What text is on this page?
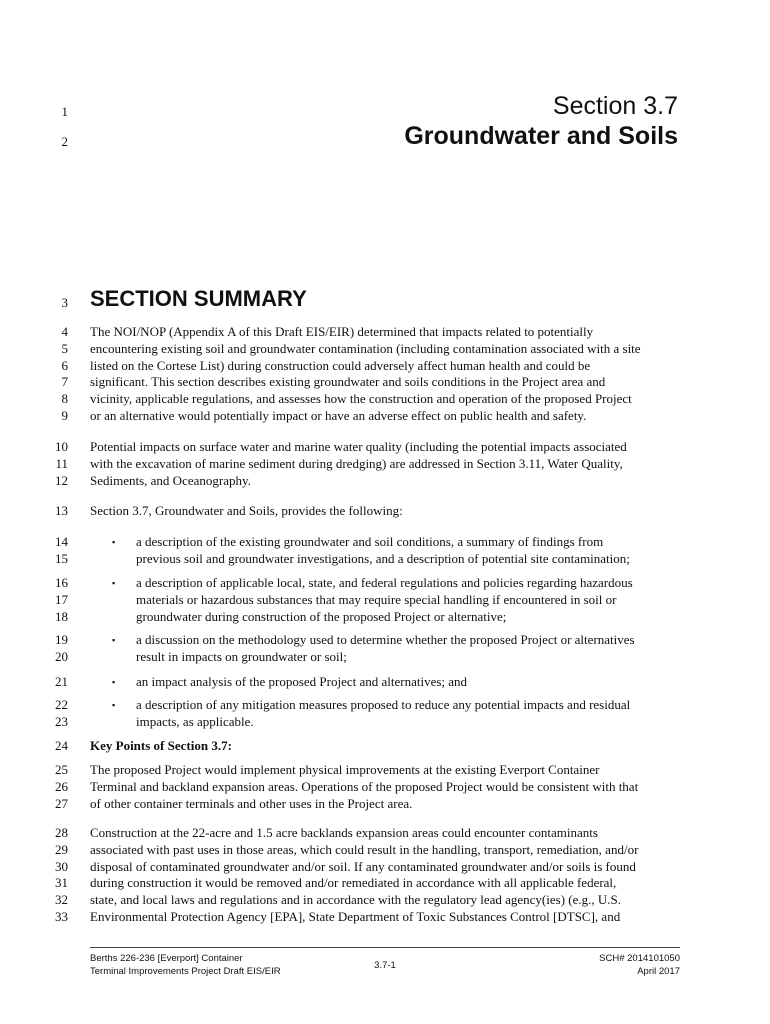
Section 3.7
Groundwater and Soils
1
2
3 SECTION SUMMARY
4
5
6
7
8
9
The NOI/NOP (Appendix A of this Draft EIS/EIR) determined that impacts related to potentially
encountering existing soil and groundwater contamination (including contamination associated with a site
listed on the Cortese List) during construction could adversely affect human health and could be
significant. This section describes existing groundwater and soils conditions in the Project area and
vicinity, applicable regulations, and assesses how the construction and operation of the proposed Project
or an alternative would potentially impact or have an adverse effect on public health and safety.
10
11
12
Potential impacts on surface water and marine water quality (including the potential impacts associated
with the excavation of marine sediment during dredging) are addressed in Section 3.11, Water Quality,
Sediments, and Oceanography.
13 Section 3.7, Groundwater and Soils, provides the following:
14
15
▪ a description of the existing groundwater and soil conditions, a summary of findings from
previous soil and groundwater investigations, and a description of potential site contamination;
16
17
18
▪ a description of applicable local, state, and federal regulations and policies regarding hazardous
materials or hazardous substances that may require special handling if encountered in soil or
groundwater during construction of the proposed Project or alternative;
19
20
▪ a discussion on the methodology used to determine whether the proposed Project or alternatives
result in impacts on groundwater or soil;
21	▪ an impact analysis of the proposed Project and alternatives; and
22
23
▪ a description of any mitigation measures proposed to reduce any potential impacts and residual
impacts, as applicable.
24 Key Points of Section 3.7:
25
26
27
The proposed Project would implement physical improvements at the existing Everport Container
Terminal and backland expansion areas. Operations of the proposed Project would be consistent with that
of other container terminals and other uses in the Project area.
28
29
30
31
32
33
Construction at the 22-acre and 1.5 acre backlands expansion areas could encounter contaminants
associated with past uses in those areas, which could result in the handling, transport, remediation, and/or
disposal of contaminated groundwater and/or soil. If any contaminated groundwater and/or soils is found
during construction it would be removed and/or remediated in accordance with all applicable federal,
state, and local laws and regulations and in accordance with the regulatory lead agency(ies) (e.g., U.S.
Environmental Protection Agency [EPA], State Department of Toxic Substances Control [DTSC], and
Berths 226-236 [Everport] Container
Terminal Improvements Project Draft EIS/EIR
3.7-1
SCH# 2014101050
April 2017
